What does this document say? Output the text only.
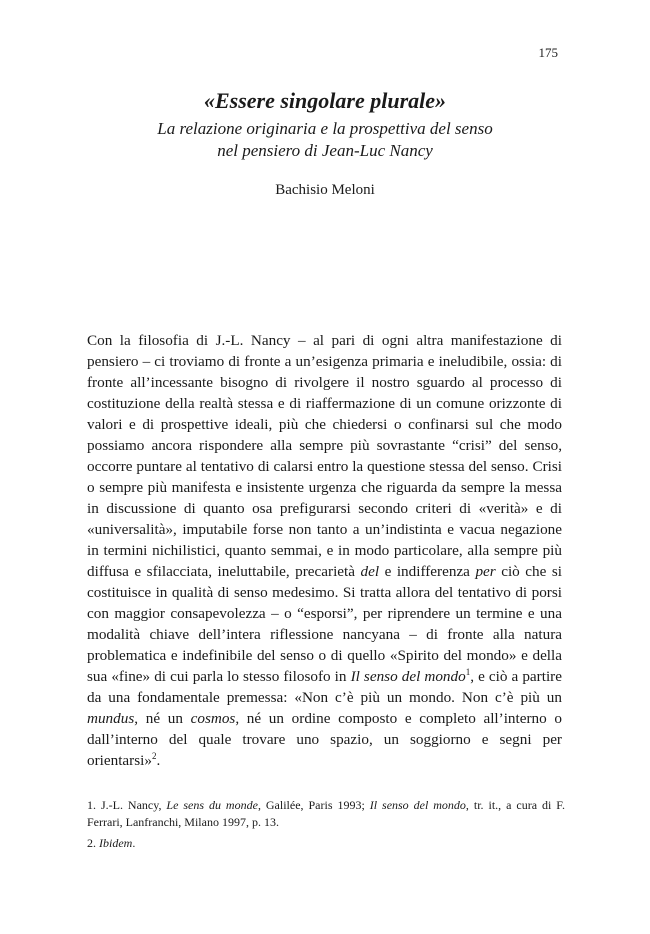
175
«Essere singolare plurale»
La relazione originaria e la prospettiva del senso
nel pensiero di Jean-Luc Nancy
Bachisio Meloni

Con la filosofia di J.-L. Nancy – al pari di ogni altra manifestazione di pensiero – ci troviamo di fronte a un’esigenza primaria e ineludibile, ossia: di fronte all’incessante bisogno di rivolgere il nostro sguardo al processo di costituzione della realtà stessa e di riaffermazione di un comune orizzonte di valori e di prospettive ideali, più che chiedersi o confinarsi sul che modo possiamo ancora rispondere alla sempre più sovrastante “crisi” del senso, occorre puntare al tentativo di calarsi entro la questione stessa del senso. Crisi o sempre più manifesta e insistente urgenza che riguarda da sempre la messa in discussione di quanto osa prefigurarsi secondo criteri di «verità» e di «universalità», imputabile forse non tanto a un’indistinta e vacua negazione in termini nichilistici, quanto semmai, e in modo particolare, alla sempre più diffusa e sfilacciata, ineluttabile, precarietà del e indifferenza per ciò che si costituisce in qualità di senso medesimo. Si tratta allora del tentativo di porsi con maggior consapevolezza – o “esporsi”, per riprendere un termine e una modalità chiave dell’intera riflessione nancyana – di fronte alla natura problematica e indefinibile del senso o di quello «Spirito del mondo» e della sua «fine» di cui parla lo stesso filosofo in Il senso del mondo$^1$, e ciò a partire da una fondamentale premessa: «Non c’è più un mondo. Non c’è più un mundus, né un cosmos, né un ordine composto e completo all’interno o dall’interno del quale trovare uno spazio, un soggiorno e segni per orientarsi»$^2$.

1. J.-L. Nancy, Le sens du monde, Galilée, Paris 1993; Il senso del mondo, tr. it., a cura di F. Ferrari, Lanfranchi, Milano 1997, p. 13.

2. Ibidem.
